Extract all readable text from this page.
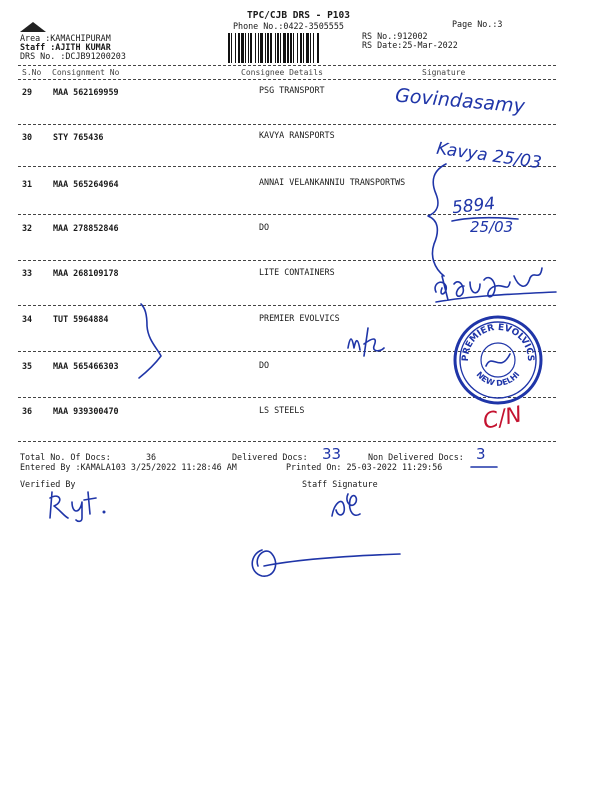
TPC/CJB DRS - P103
Phone No.:0422-3505555	Page No.:3
Area :KAMACHIPURAM
Staff :AJITH KUMAR
DRS No. :DCJB91200203
RS No.:912002
RS Date:25-Mar-2022
S.No Consignment No	Consignee Details	Signature
29 MAA 562169959	PSG TRANSPORT
30 STY 765436	KAVYA RANSPORTS
31 MAA 565264964	ANNAI VELANKANNIU TRANSPORTWS
32 MAA 278852846	DO
33 MAA 268109178	LITE CONTAINERS
34 TUT 5964884	PREMIER EVOLVICS
35 MAA 565466303	DO
36 MAA 939300470	LS STEELS
Govindasamy
Kavya 25/03
5894
25/03
C/N
PREMIER EVOLVICS
NEW DELHI
Total No. Of Docs:	36	Delivered Docs: 33	Non Delivered Docs: 3
Entered By :KAMALA103 3/25/2022 11:28:46 AM	Printed On: 25-03-2022 11:29:56
Verified By	Staff Signature
